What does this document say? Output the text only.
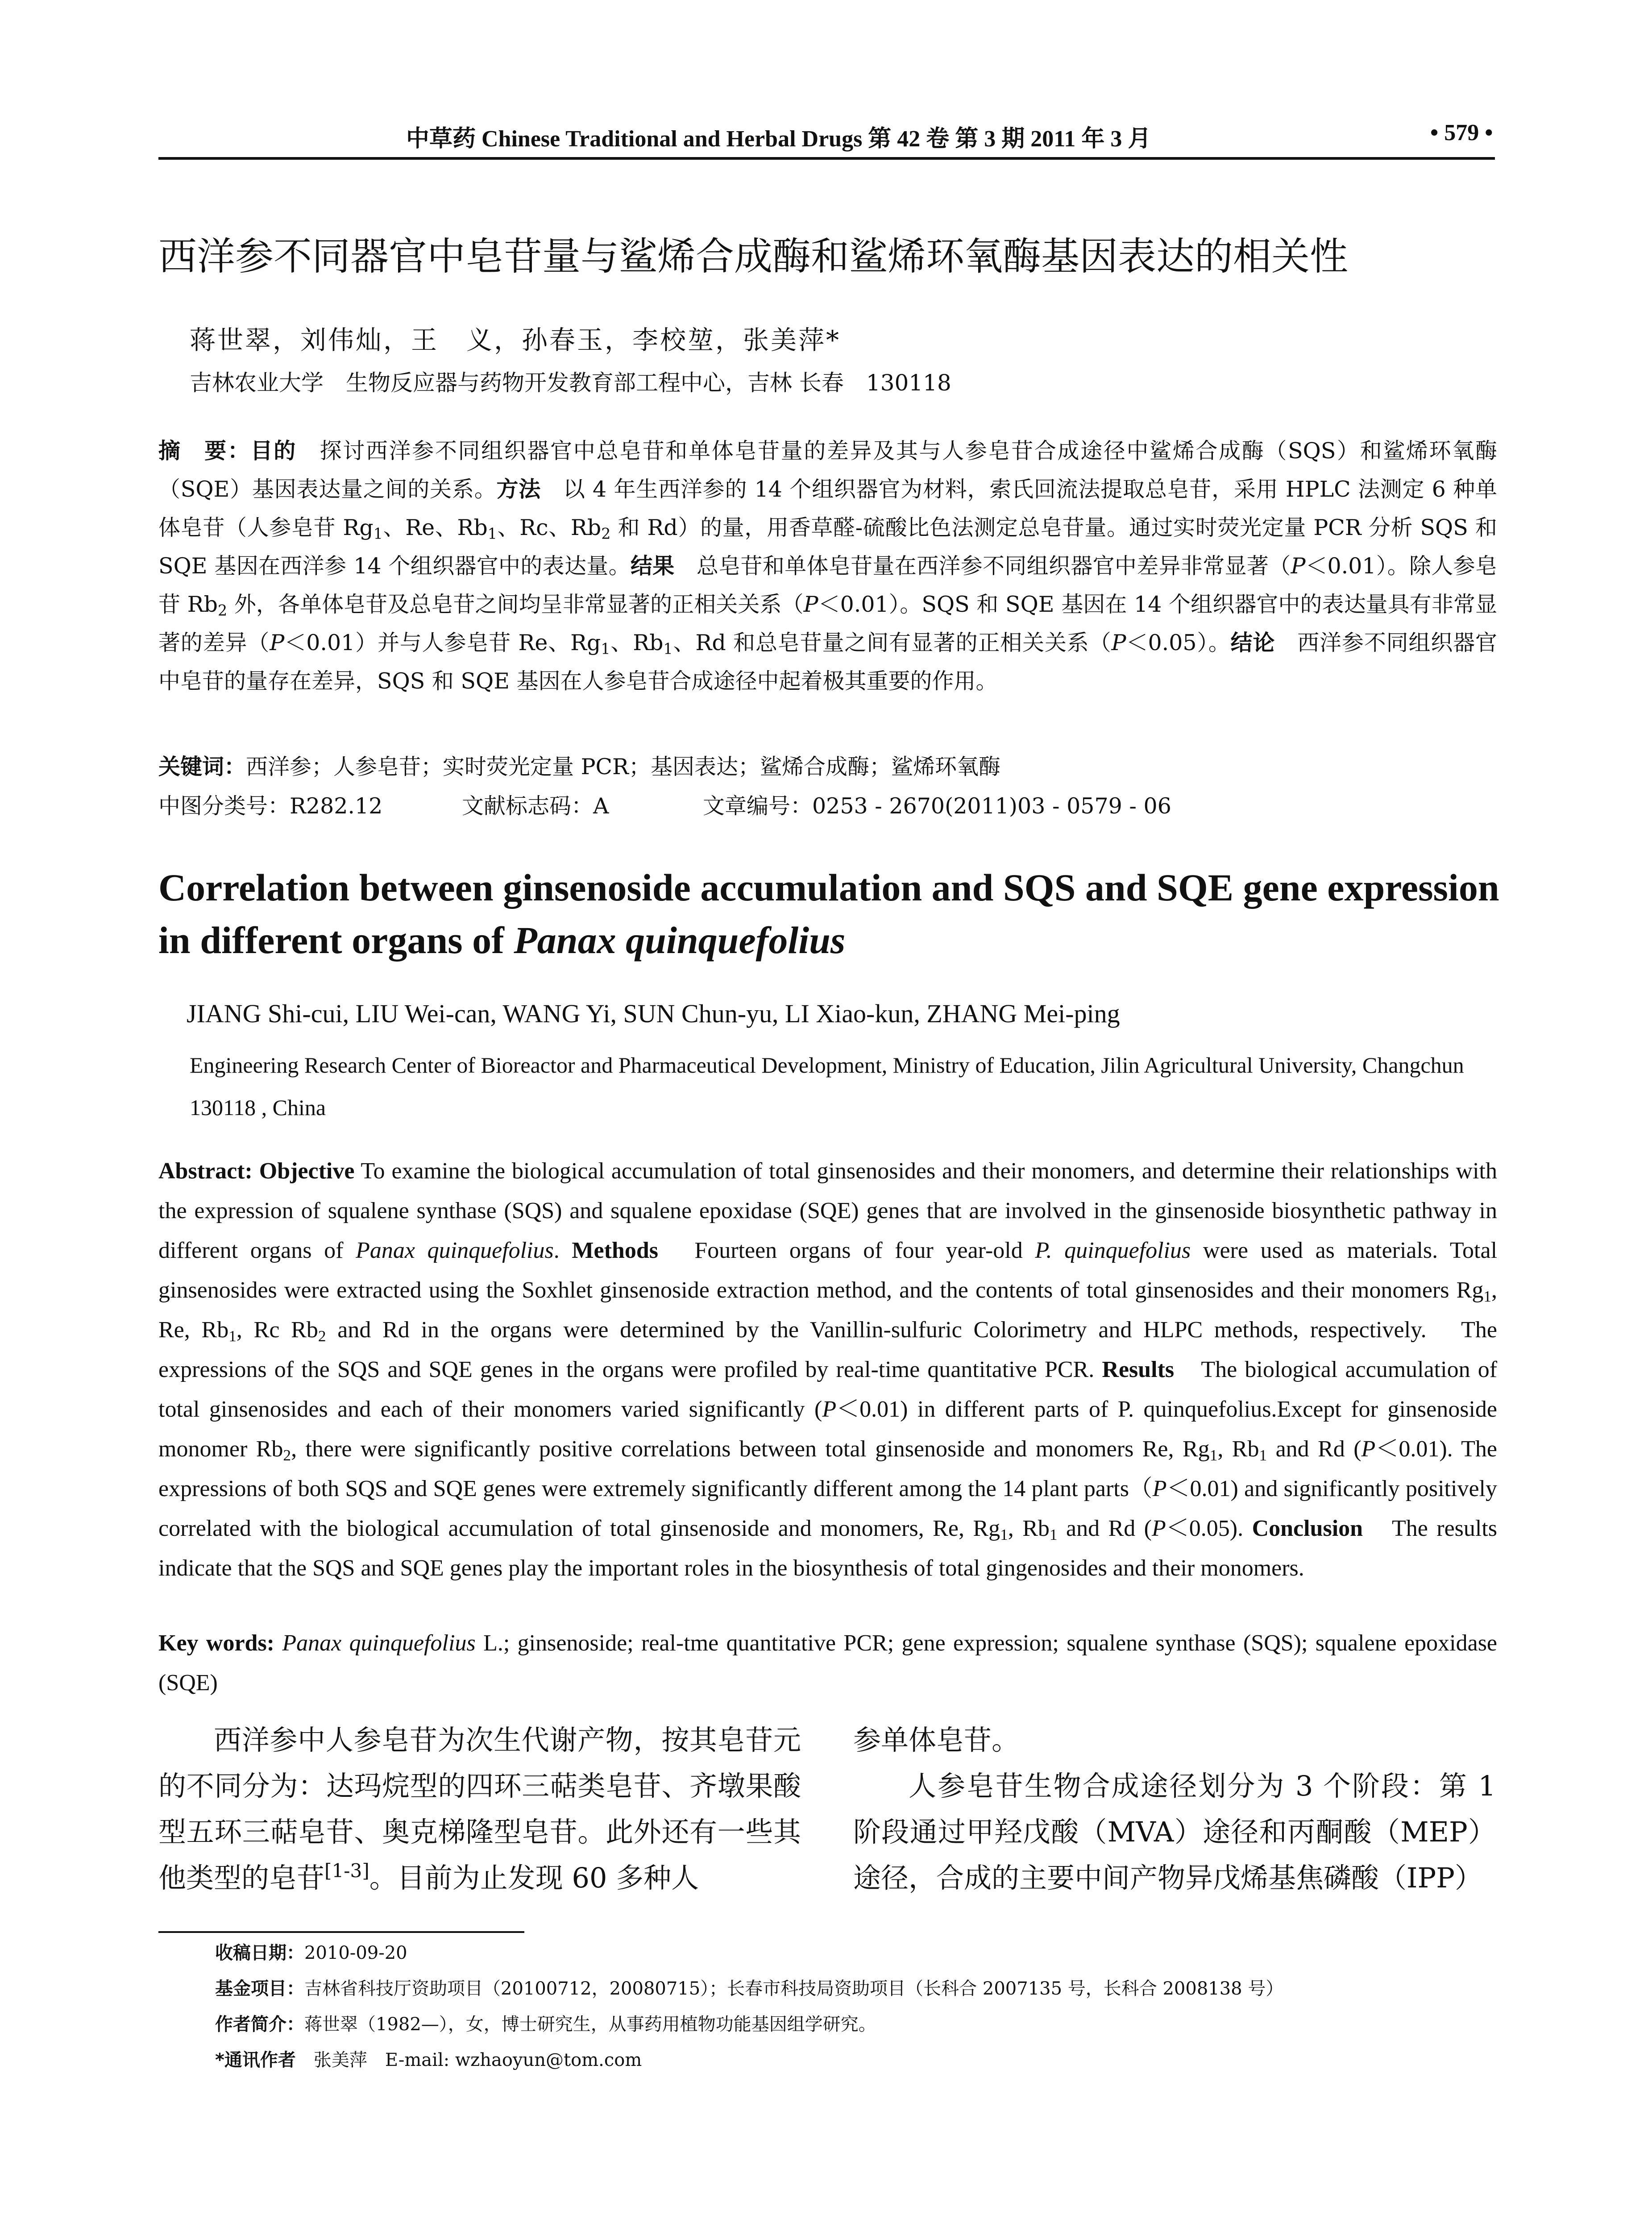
中草药 Chinese Traditional and Herbal Drugs 第 42 卷 第 3 期 2011 年 3 月	• 579 •
西洋参不同器官中皂苷量与鲨烯合成酶和鲨烯环氧酶基因表达的相关性
蒋世翠，刘伟灿，王　义，孙春玉，李校堃，张美萍*
吉林农业大学　生物反应器与药物开发教育部工程中心，吉林 长春　130118
摘　要：目的　探讨西洋参不同组织器官中总皂苷和单体皂苷量的差异及其与人参皂苷合成途径中鲨烯合成酶（SQS）和鲨烯环氧酶（SQE）基因表达量之间的关系。方法　以 4 年生西洋参的 14 个组织器官为材料，索氏回流法提取总皂苷，采用 HPLC 法测定 6 种单体皂苷（人参皂苷 $Rg_1$、Re、$Rb_1$、Rc、$Rb_2$ 和 Rd）的量，用香草醛-硫酸比色法测定总皂苷量。通过实时荧光定量 PCR 分析 SQS 和 SQE 基因在西洋参 14 个组织器官中的表达量。结果　总皂苷和单体皂苷量在西洋参不同组织器官中差异非常显著（P＜0.01）。除人参皂苷 $Rb_2$ 外，各单体皂苷及总皂苷之间均呈非常显著的正相关关系（P＜0.01）。SQS 和 SQE 基因在 14 个组织器官中的表达量具有非常显著的差异（P＜0.01）并与人参皂苷 Re、$Rg_1$、$Rb_1$、Rd 和总皂苷量之间有显著的正相关关系（P＜0.05）。结论　西洋参不同组织器官中皂苷的量存在差异，SQS 和 SQE 基因在人参皂苷合成途径中起着极其重要的作用。
关键词：西洋参；人参皂苷；实时荧光定量 PCR；基因表达；鲨烯合成酶；鲨烯环氧酶
中图分类号：R282.12	文献标志码：A	文章编号：0253 - 2670(2011)03 - 0579 - 06
Correlation between ginsenoside accumulation and SQS and SQE gene expression in different organs of Panax quinquefolius
JIANG Shi-cui, LIU Wei-can, WANG Yi, SUN Chun-yu, LI Xiao-kun, ZHANG Mei-ping
Engineering Research Center of Bioreactor and Pharmaceutical Development, Ministry of Education, Jilin Agricultural University, Changchun 130118 , China
Abstract: Objective To examine the biological accumulation of total ginsenosides and their monomers, and determine their relationships with the expression of squalene synthase (SQS) and squalene epoxidase (SQE) genes that are involved in the ginsenoside biosynthetic pathway in different organs of Panax quinquefolius. Methods　Fourteen organs of four year-old P. quinquefolius were used as materials. Total ginsenosides were extracted using the Soxhlet ginsenoside extraction method, and the contents of total ginsenosides and their monomers $Rg_1$, Re, $Rb_1$, Rc $Rb_2$ and Rd in the organs were determined by the Vanillin-sulfuric Colorimetry and HLPC methods, respectively.　The expressions of the SQS and SQE genes in the organs were profiled by real-time quantitative PCR. Results　The biological accumulation of total ginsenosides and each of their monomers varied significantly (P＜0.01) in different parts of P. quinquefolius.Except for ginsenoside monomer $Rb_2$, there were significantly positive correlations between total ginsenoside and monomers Re, $Rg_1$, $Rb_1$ and Rd (P＜0.01). The expressions of both SQS and SQE genes were extremely significantly different among the 14 plant parts（P＜0.01) and significantly positively correlated with the biological accumulation of total ginsenoside and monomers, Re, $Rg_1$, $Rb_1$ and Rd (P＜0.05). Conclusion　The results indicate that the SQS and SQE genes play the important roles in the biosynthesis of total gingenosides and their monomers.
Key words: Panax quinquefolius L.; ginsenoside; real-tme quantitative PCR; gene expression; squalene synthase (SQS); squalene epoxidase (SQE)
西洋参中人参皂苷为次生代谢产物，按其皂苷元的不同分为：达玛烷型的四环三萜类皂苷、齐墩果酸型五环三萜皂苷、奥克梯隆型皂苷。此外还有一些其他类型的皂苷[1-3]。目前为止发现 60 多种人
参单体皂苷。
人参皂苷生物合成途径划分为 3 个阶段：第 1 阶段通过甲羟戊酸（MVA）途径和丙酮酸（MEP）途径，合成的主要中间产物异戊烯基焦磷酸（IPP）
收稿日期：2010-09-20
基金项目：吉林省科技厅资助项目（20100712，20080715）；长春市科技局资助项目（长科合 2007135 号，长科合 2008138 号）
作者简介：蒋世翠（1982—），女，博士研究生，从事药用植物功能基因组学研究。
*通讯作者　张美萍　E-mail: wzhaoyun@tom.com
